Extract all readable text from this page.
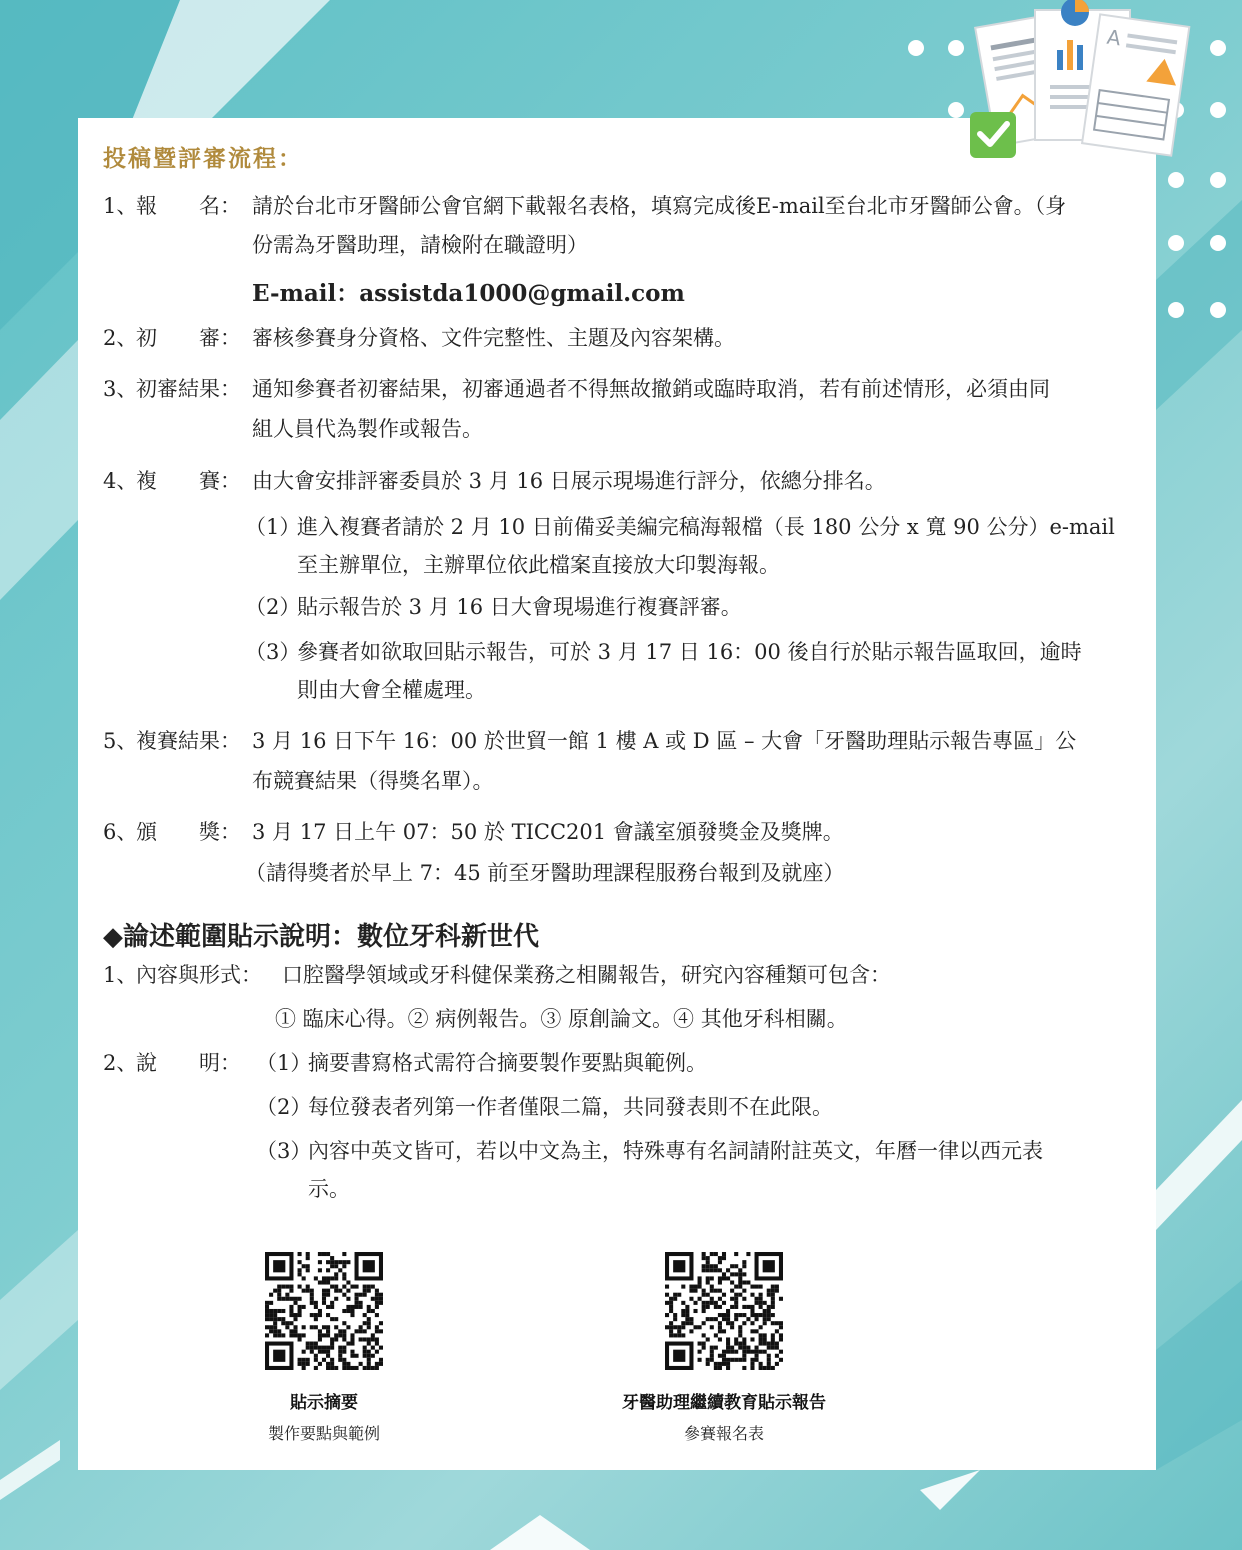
A
投稿暨評審流程：
1、
報　　名： 請於台北市牙醫師公會官網下載報名表格，填寫完成後E-mail至台北市牙醫師公會。（身
份需為牙醫助理，請檢附在職證明）
E-mail：assistda1000@gmail.com
2、
初　　審： 審核參賽身分資格、文件完整性、主題及內容架構。
3、
初審結果： 通知參賽者初審結果，初審通過者不得無故撤銷或臨時取消，若有前述情形，必須由同
組人員代為製作或報告。
4、
複　　賽： 由大會安排評審委員於 3 月 16 日展示現場進行評分，依總分排名。
（1）
進入複賽者請於 2 月 10 日前備妥美編完稿海報檔（長 180 公分 x 寬 90 公分）e-mail
至主辦單位，主辦單位依此檔案直接放大印製海報。
（2）
貼示報告於 3 月 16 日大會現場進行複賽評審。
（3）
參賽者如欲取回貼示報告，可於 3 月 17 日 16：00 後自行於貼示報告區取回，逾時
則由大會全權處理。
5、
複賽結果： 3 月 16 日下午 16：00 於世貿一館 1 樓 A 或 D 區 – 大會「牙醫助理貼示報告專區」公
布競賽結果（得獎名單）。
6、
頒　　獎： 3 月 17 日上午 07：50 於 TICC201 會議室頒發獎金及獎牌。
（請得獎者於早上 7：45 前至牙醫助理課程服務台報到及就座）
◆論述範圍貼示說明：數位牙科新世代
1、
內容與形式： 口腔醫學領域或牙科健保業務之相關報告，研究內容種類可包含：
① 臨床心得。② 病例報告。③ 原創論文。④ 其他牙科相關。
2、
說　　明： （1）
摘要書寫格式需符合摘要製作要點與範例。
（2）
每位發表者列第一作者僅限二篇，共同發表則不在此限。
（3）
內容中英文皆可，若以中文為主，特殊專有名詞請附註英文，年曆一律以西元表
示。
貼示摘要
製作要點與範例
牙醫助理繼續教育貼示報告
參賽報名表
